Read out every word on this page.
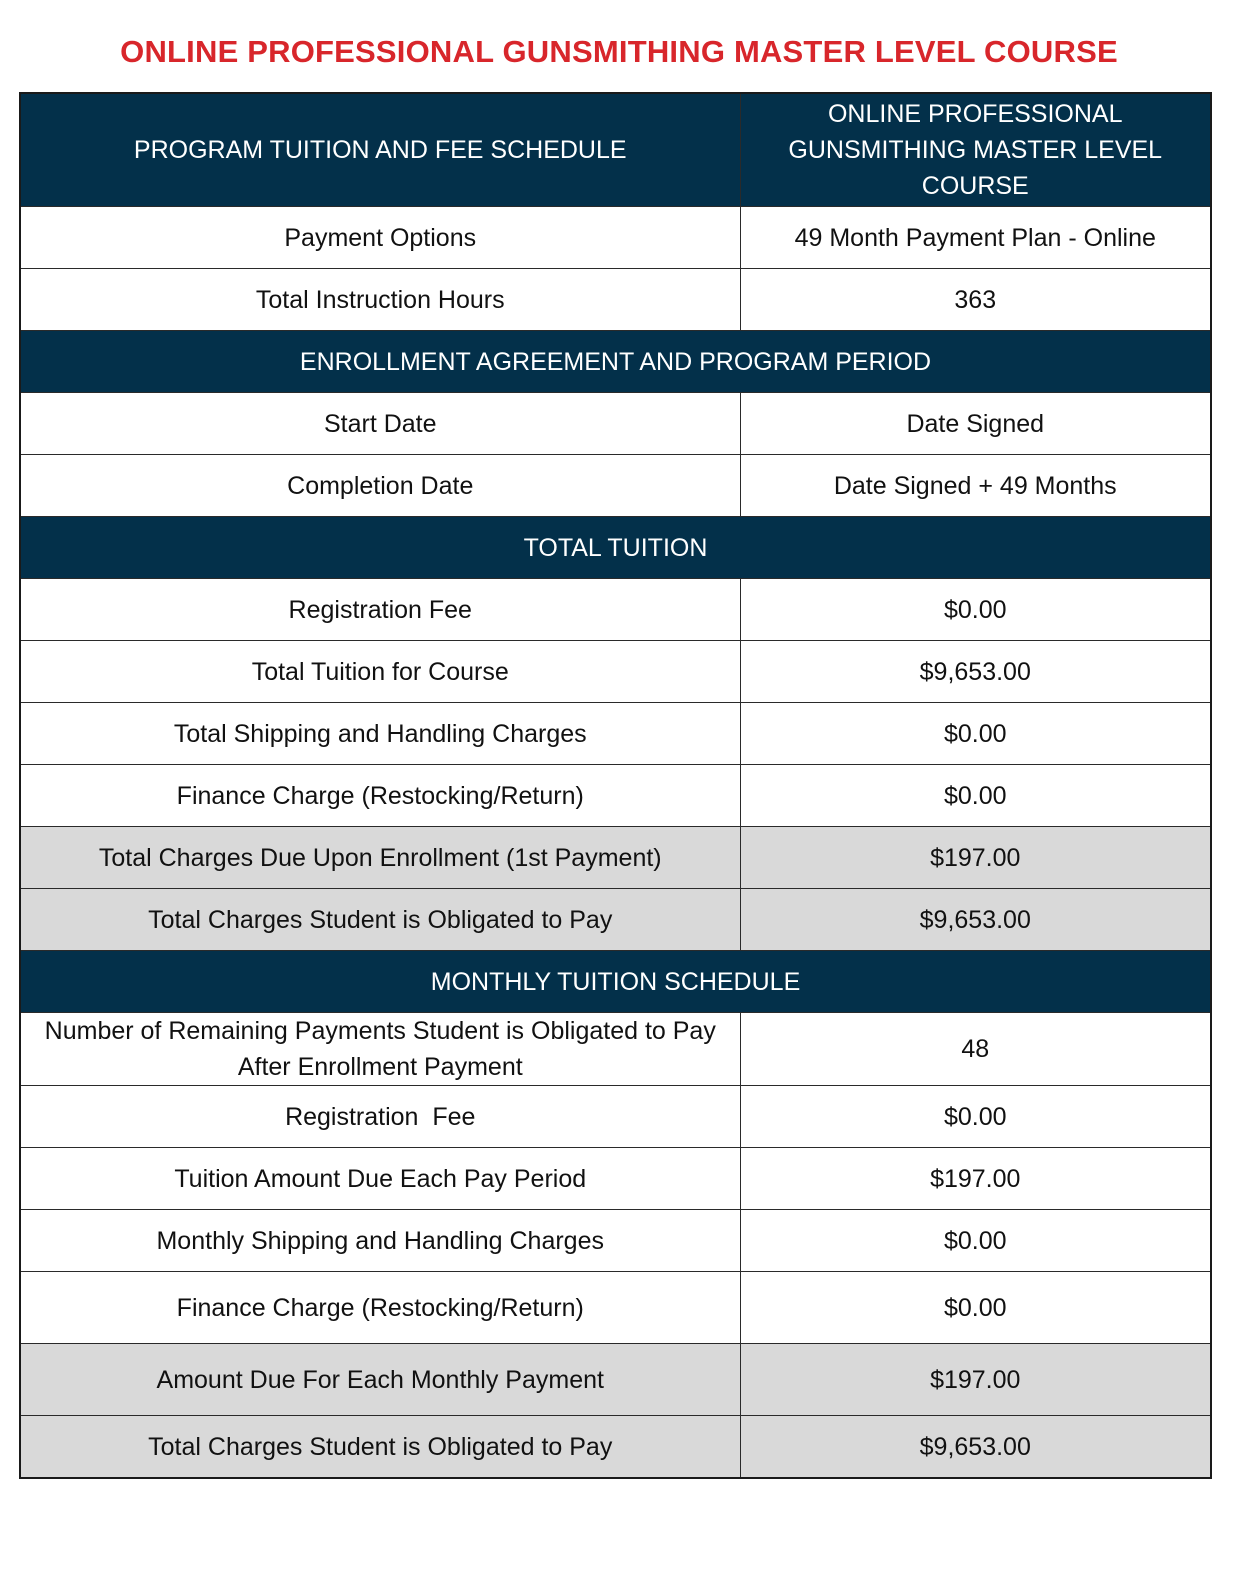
ONLINE PROFESSIONAL GUNSMITHING MASTER LEVEL COURSE
PROGRAM TUITION AND FEE SCHEDULE	ONLINE PROFESSIONAL GUNSMITHING MASTER LEVEL COURSE
Payment Options	49 Month Payment Plan - Online
Total Instruction Hours	363
ENROLLMENT AGREEMENT AND PROGRAM PERIOD	
Start Date	Date Signed
Completion Date	Date Signed + 49 Months
TOTAL TUITION	
Registration Fee	$0.00
Total Tuition for Course	$9,653.00
Total Shipping and Handling Charges	$0.00
Finance Charge (Restocking/Return)	$0.00
Total Charges Due Upon Enrollment (1st Payment)	$197.00
Total Charges Student is Obligated to Pay	$9,653.00
MONTHLY TUITION SCHEDULE	
Number of Remaining Payments Student is Obligated to Pay After Enrollment Payment	48
Registration  Fee	$0.00
Tuition Amount Due Each Pay Period	$197.00
Monthly Shipping and Handling Charges	$0.00
Finance Charge (Restocking/Return)	$0.00
Amount Due For Each Monthly Payment	$197.00
Total Charges Student is Obligated to Pay	$9,653.00
